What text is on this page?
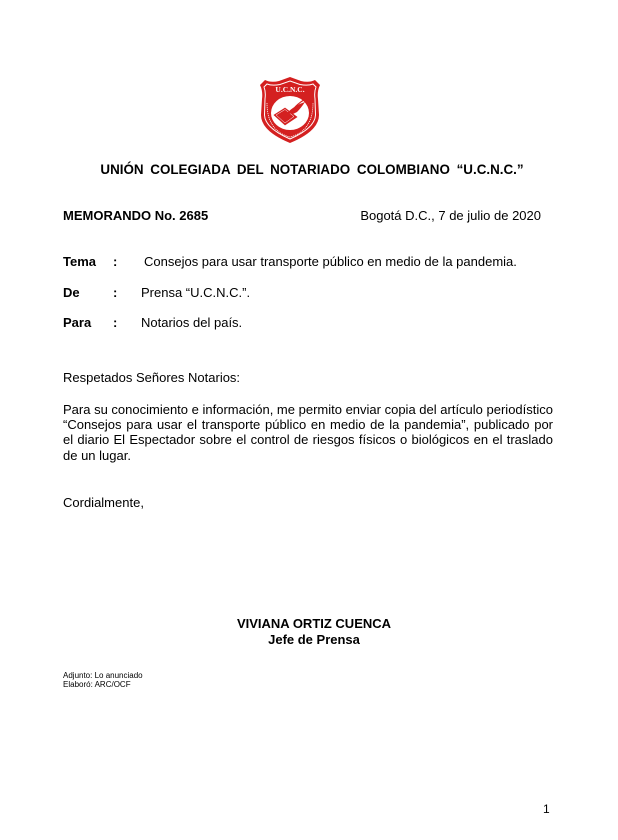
U.C.N.C.
UNIÓN COLEGIADA DEL NOTARIADO COLOMBIANO “U.C.N.C.”
MEMORANDO No. 2685	Bogotá D.C., 7 de julio de 2020
Tema : Consejos para usar transporte público en medio de la pandemia.
De	: Prensa “U.C.N.C.”.
Para : Notarios del país.
Respetados Señores Notarios:

Para su conocimiento e información, me permito enviar copia del artículo periodístico “Consejos para usar el transporte público en medio de la pandemia”, publicado por el diario El Espectador sobre el control de riesgos físicos o biológicos en el traslado de un lugar.

Cordialmente,
VIVIANA ORTIZ CUENCA
Jefe de Prensa
Adjunto: Lo anunciado
Elaboró: ARC/OCF
1
